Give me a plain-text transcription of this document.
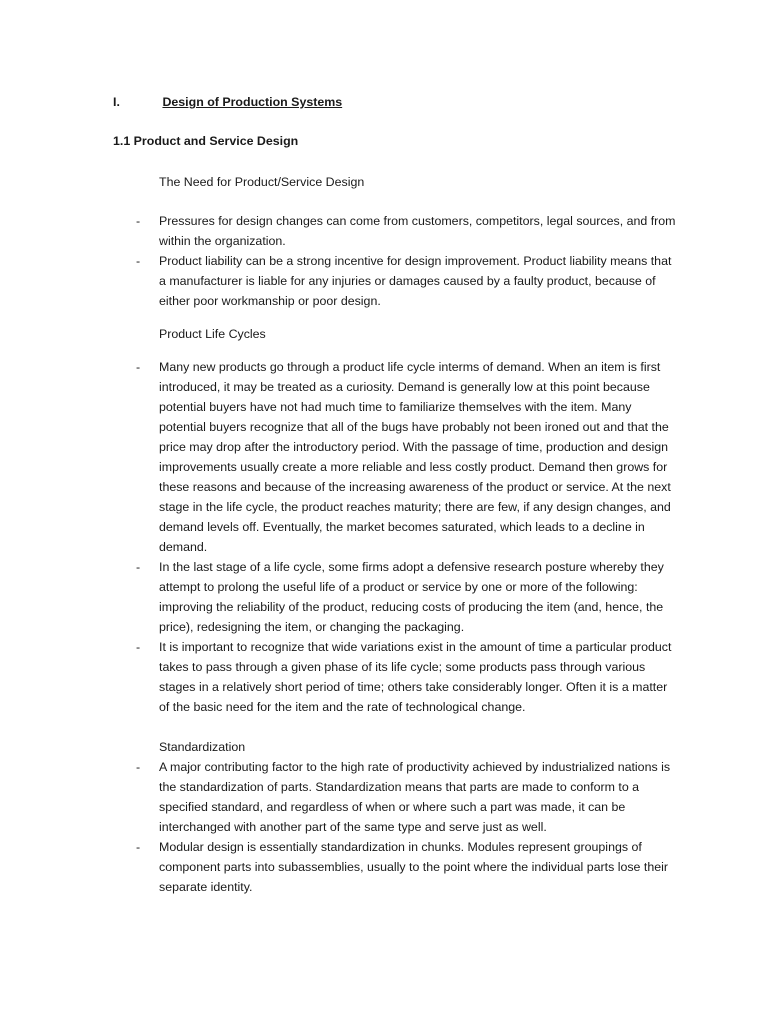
I.	Design of Production Systems
1.1 Product and Service Design
The Need for Product/Service Design
- Pressures for design changes can come from customers, competitors, legal sources, and from within the organization.
- Product liability can be a strong incentive for design improvement. Product liability means that a manufacturer is liable for any injuries or damages caused by a faulty product, because of either poor workmanship or poor design.
Product Life Cycles
- Many new products go through a product life cycle interms of demand. When an item is first introduced, it may be treated as a curiosity. Demand is generally low at this point because potential buyers have not had much time to familiarize themselves with the item. Many potential buyers recognize that all of the bugs have probably not been ironed out and that the price may drop after the introductory period. With the passage of time, production and design improvements usually create a more reliable and less costly product. Demand then grows for these reasons and because of the increasing awareness of the product or service. At the next stage in the life cycle, the product reaches maturity; there are few, if any design changes, and demand levels off. Eventually, the market becomes saturated, which leads to a decline in demand.
- In the last stage of a life cycle, some firms adopt a defensive research posture whereby they attempt to prolong the useful life of a product or service by one or more of the following: improving the reliability of the product, reducing costs of producing the item (and, hence, the price), redesigning the item, or changing the packaging.
- It is important to recognize that wide variations exist in the amount of time a particular product takes to pass through a given phase of its life cycle; some products pass through various stages in a relatively short period of time; others take considerably longer. Often it is a matter of the basic need for the item and the rate of technological change.
Standardization
- A major contributing factor to the high rate of productivity achieved by industrialized nations is the standardization of parts. Standardization means that parts are made to conform to a specified standard, and regardless of when or where such a part was made, it can be interchanged with another part of the same type and serve just as well.
- Modular design is essentially standardization in chunks. Modules represent groupings of component parts into subassemblies, usually to the point where the individual parts lose their separate identity.
